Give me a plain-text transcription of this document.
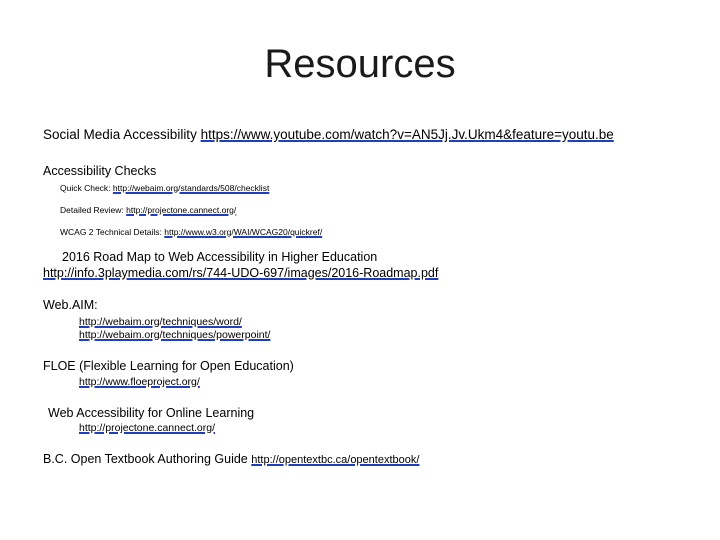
Resources
Social Media Accessibility https://www.youtube.com/watch?v=AN5Jj.Jv.Ukm4&feature=youtu.be
Accessibility Checks
Quick Check: http://webaim.org/standards/508/checklist
Detailed Review: http://projectone.cannect.org/
WCAG 2 Technical Details: http://www.w3.org/WAI/WCAG20/quickref/
2016 Road Map to Web Accessibility in Higher Education
http://info.3playmedia.com/rs/744-UDO-697/images/2016-Roadmap.pdf
Web.AIM:
http://webaim.org/techniques/word/
http://webaim.org/techniques/powerpoint/
FLOE (Flexible Learning for Open Education)
http://www.floeproject.org/
Web Accessibility for Online Learning
http://projectone.cannect.org/
B.C. Open Textbook Authoring Guide http://opentextbc.ca/opentextbook/
